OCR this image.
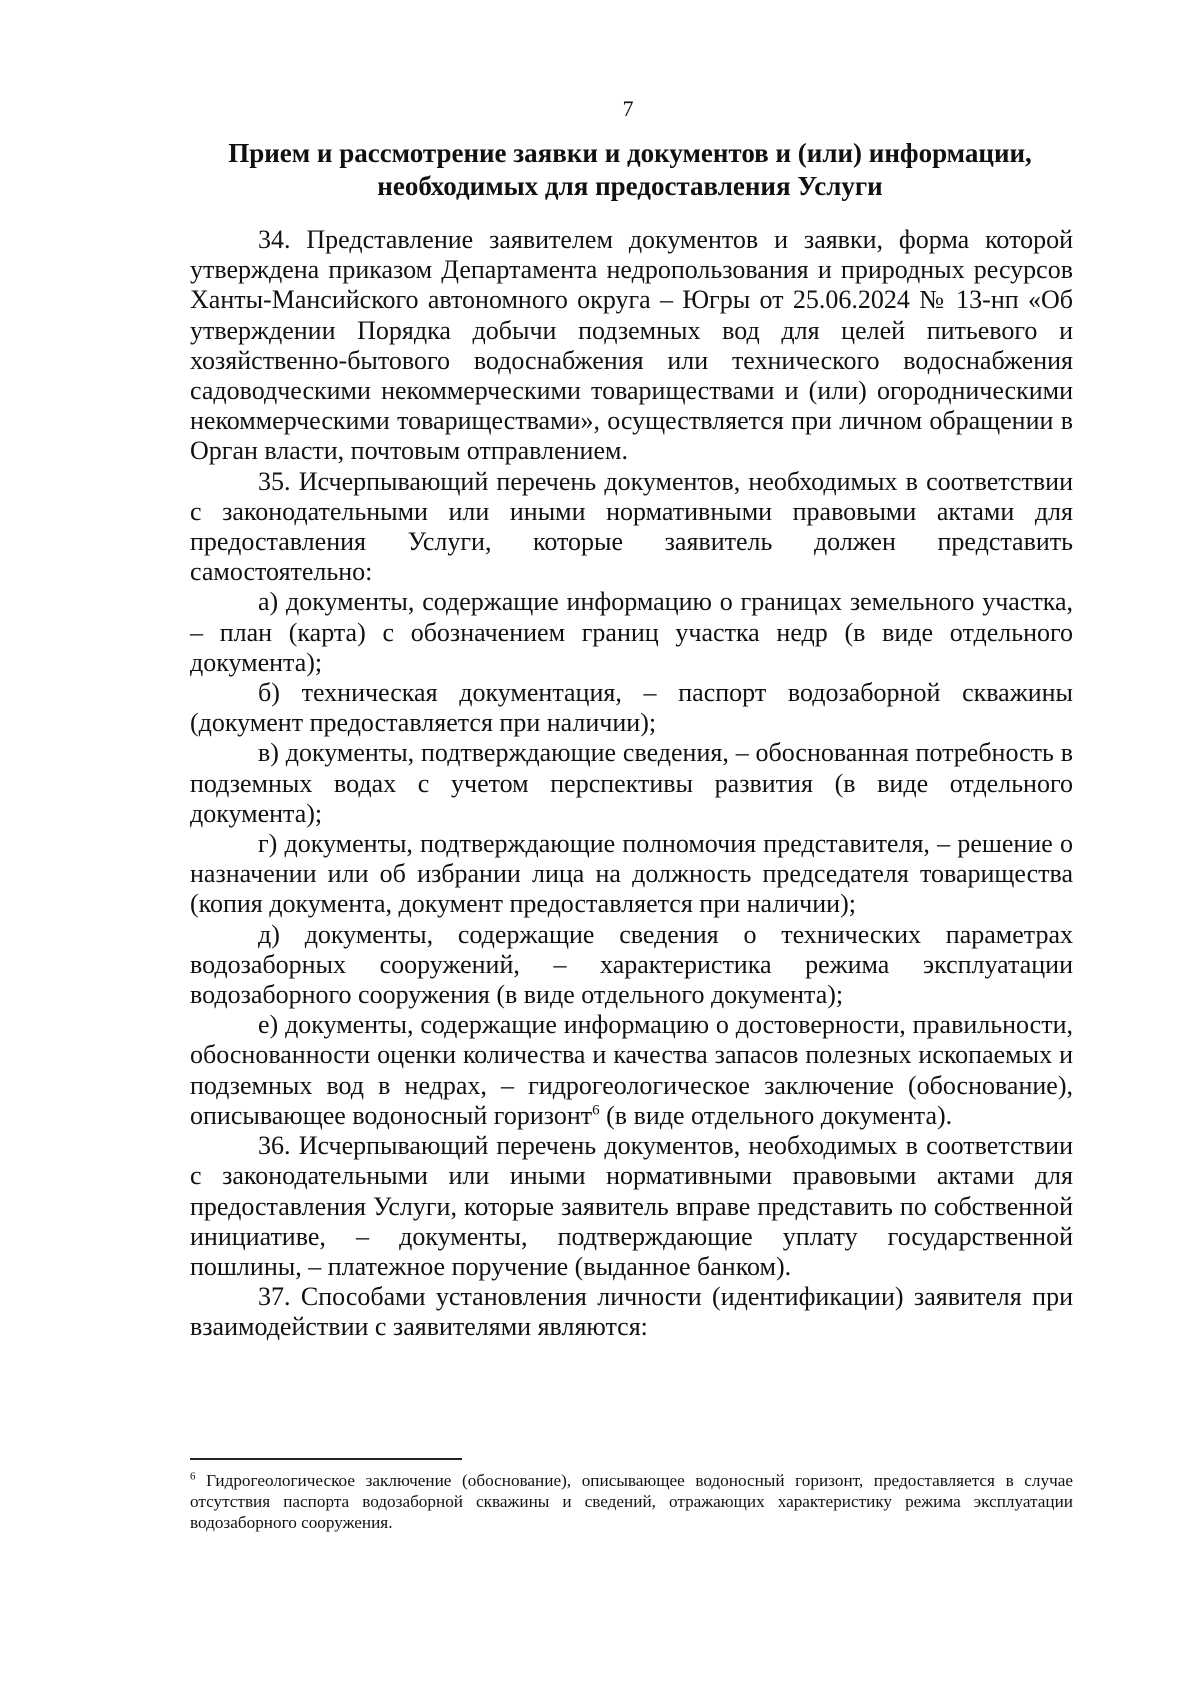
7
Прием и рассмотрение заявки и документов и (или) информации,
необходимых для предоставления Услуги

34. Представление заявителем документов и заявки, форма которой утверждена приказом Департамента недропользования и природных ресурсов Ханты-Мансийского автономного округа – Югры от 25.06.2024 № 13-нп «Об утверждении Порядка добычи подземных вод для целей питьевого и хозяйственно-бытового водоснабжения или технического водоснабжения садоводческими некоммерческими товариществами и (или) огородническими некоммерческими товариществами», осуществляется при личном обращении в Орган власти, почтовым отправлением.

35. Исчерпывающий перечень документов, необходимых в соответствии с законодательными или иными нормативными правовыми актами для предоставления Услуги, которые заявитель должен представить самостоятельно:

а) документы, содержащие информацию о границах земельного участка, – план (карта) с обозначением границ участка недр (в виде отдельного документа);

б) техническая документация, – паспорт водозаборной скважины (документ предоставляется при наличии);

в) документы, подтверждающие сведения, – обоснованная потребность в подземных водах с учетом перспективы развития (в виде отдельного документа);

г) документы, подтверждающие полномочия представителя, – решение о назначении или об избрании лица на должность председателя товарищества (копия документа, документ предоставляется при наличии);

д) документы, содержащие сведения о технических параметрах водозаборных сооружений, – характеристика режима эксплуатации водозаборного сооружения (в виде отдельного документа);

е) документы, содержащие информацию о достоверности, правильности, обоснованности оценки количества и качества запасов полезных ископаемых и подземных вод в недрах, – гидрогеологическое заключение (обоснование), описывающее водоносный горизонт$^6$ (в виде отдельного документа).

36. Исчерпывающий перечень документов, необходимых в соответствии с законодательными или иными нормативными правовыми актами для предоставления Услуги, которые заявитель вправе представить по собственной инициативе, – документы, подтверждающие уплату государственной пошлины, – платежное поручение (выданное банком).

37. Способами установления личности (идентификации) заявителя при взаимодействии с заявителями являются:

$^6$ Гидрогеологическое заключение (обоснование), описывающее водоносный горизонт, предоставляется в случае отсутствия паспорта водозаборной скважины и сведений, отражающих характеристику режима эксплуатации водозаборного сооружения.
